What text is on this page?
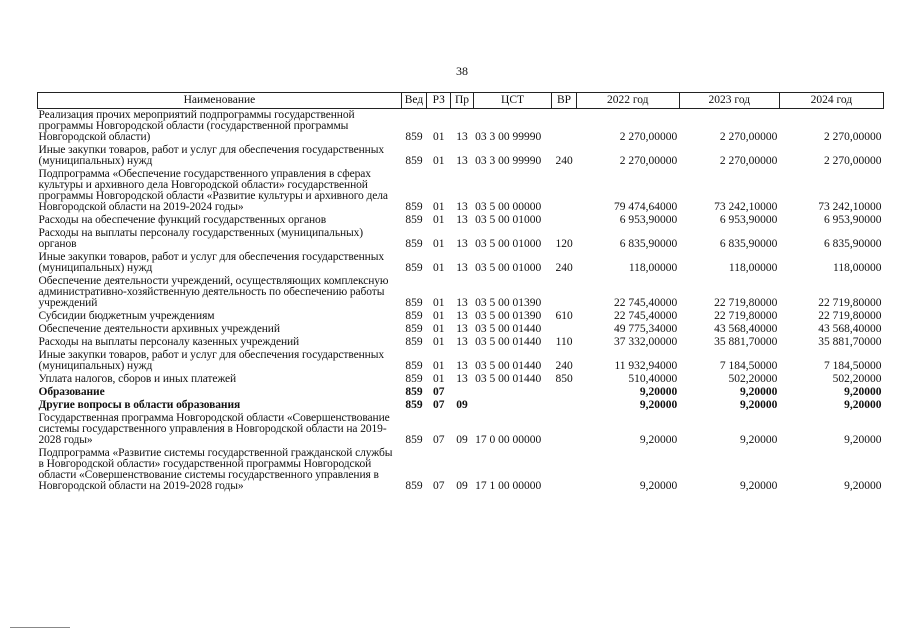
38
Наименование	Вед	РЗ	Пр	ЦСТ	ВР	2022 год	2023 год	2024 год
Реализация прочих мероприятий подпрограммы государственной программы Новгородской области (государственной программы Новгородской области)	859	01	13	03 3 00 99990		2 270,00000	2 270,00000	2 270,00000
Иные закупки товаров, работ и услуг для обеспечения государственных (муниципальных) нужд	859	01	13	03 3 00 99990	240	2 270,00000	2 270,00000	2 270,00000
Подпрограмма «Обеспечение государственного управления в сферах культуры и архивного дела Новгородской области» государственной программы Новгородской области «Развитие культуры и архивного дела Новгородской области на 2019-2024 годы»	859	01	13	03 5 00 00000		79 474,64000	73 242,10000	73 242,10000
Расходы на обеспечение функций государственных органов	859	01	13	03 5 00 01000		6 953,90000	6 953,90000	6 953,90000
Расходы на выплаты персоналу государственных (муниципальных) органов	859	01	13	03 5 00 01000	120	6 835,90000	6 835,90000	6 835,90000
Иные закупки товаров, работ и услуг для обеспечения государственных (муниципальных) нужд	859	01	13	03 5 00 01000	240	118,00000	118,00000	118,00000
Обеспечение деятельности учреждений, осуществляющих комплексную административно-хозяйственную деятельность по обеспечению работы учреждений	859	01	13	03 5 00 01390		22 745,40000	22 719,80000	22 719,80000
Субсидии бюджетным учреждениям	859	01	13	03 5 00 01390	610	22 745,40000	22 719,80000	22 719,80000
Обеспечение деятельности архивных учреждений	859	01	13	03 5 00 01440		49 775,34000	43 568,40000	43 568,40000
Расходы на выплаты персоналу казенных учреждений	859	01	13	03 5 00 01440	110	37 332,00000	35 881,70000	35 881,70000
Иные закупки товаров, работ и услуг для обеспечения государственных (муниципальных) нужд	859	01	13	03 5 00 01440	240	11 932,94000	7 184,50000	7 184,50000
Уплата налогов, сборов и иных платежей	859	01	13	03 5 00 01440	850	510,40000	502,20000	502,20000
Образование	859	07				9,20000	9,20000	9,20000
Другие вопросы в области образования	859	07	09			9,20000	9,20000	9,20000
Государственная программа Новгородской области «Совершенствование системы государственного управления в Новгородской области на 2019-2028 годы»	859	07	09	17 0 00 00000		9,20000	9,20000	9,20000
Подпрограмма «Развитие системы государственной гражданской службы в Новгородской области» государственной программы Новгородской области «Совершенствование системы государственного управления в Новгородской области на 2019-2028 годы»	859	07	09	17 1 00 00000		9,20000	9,20000	9,20000
